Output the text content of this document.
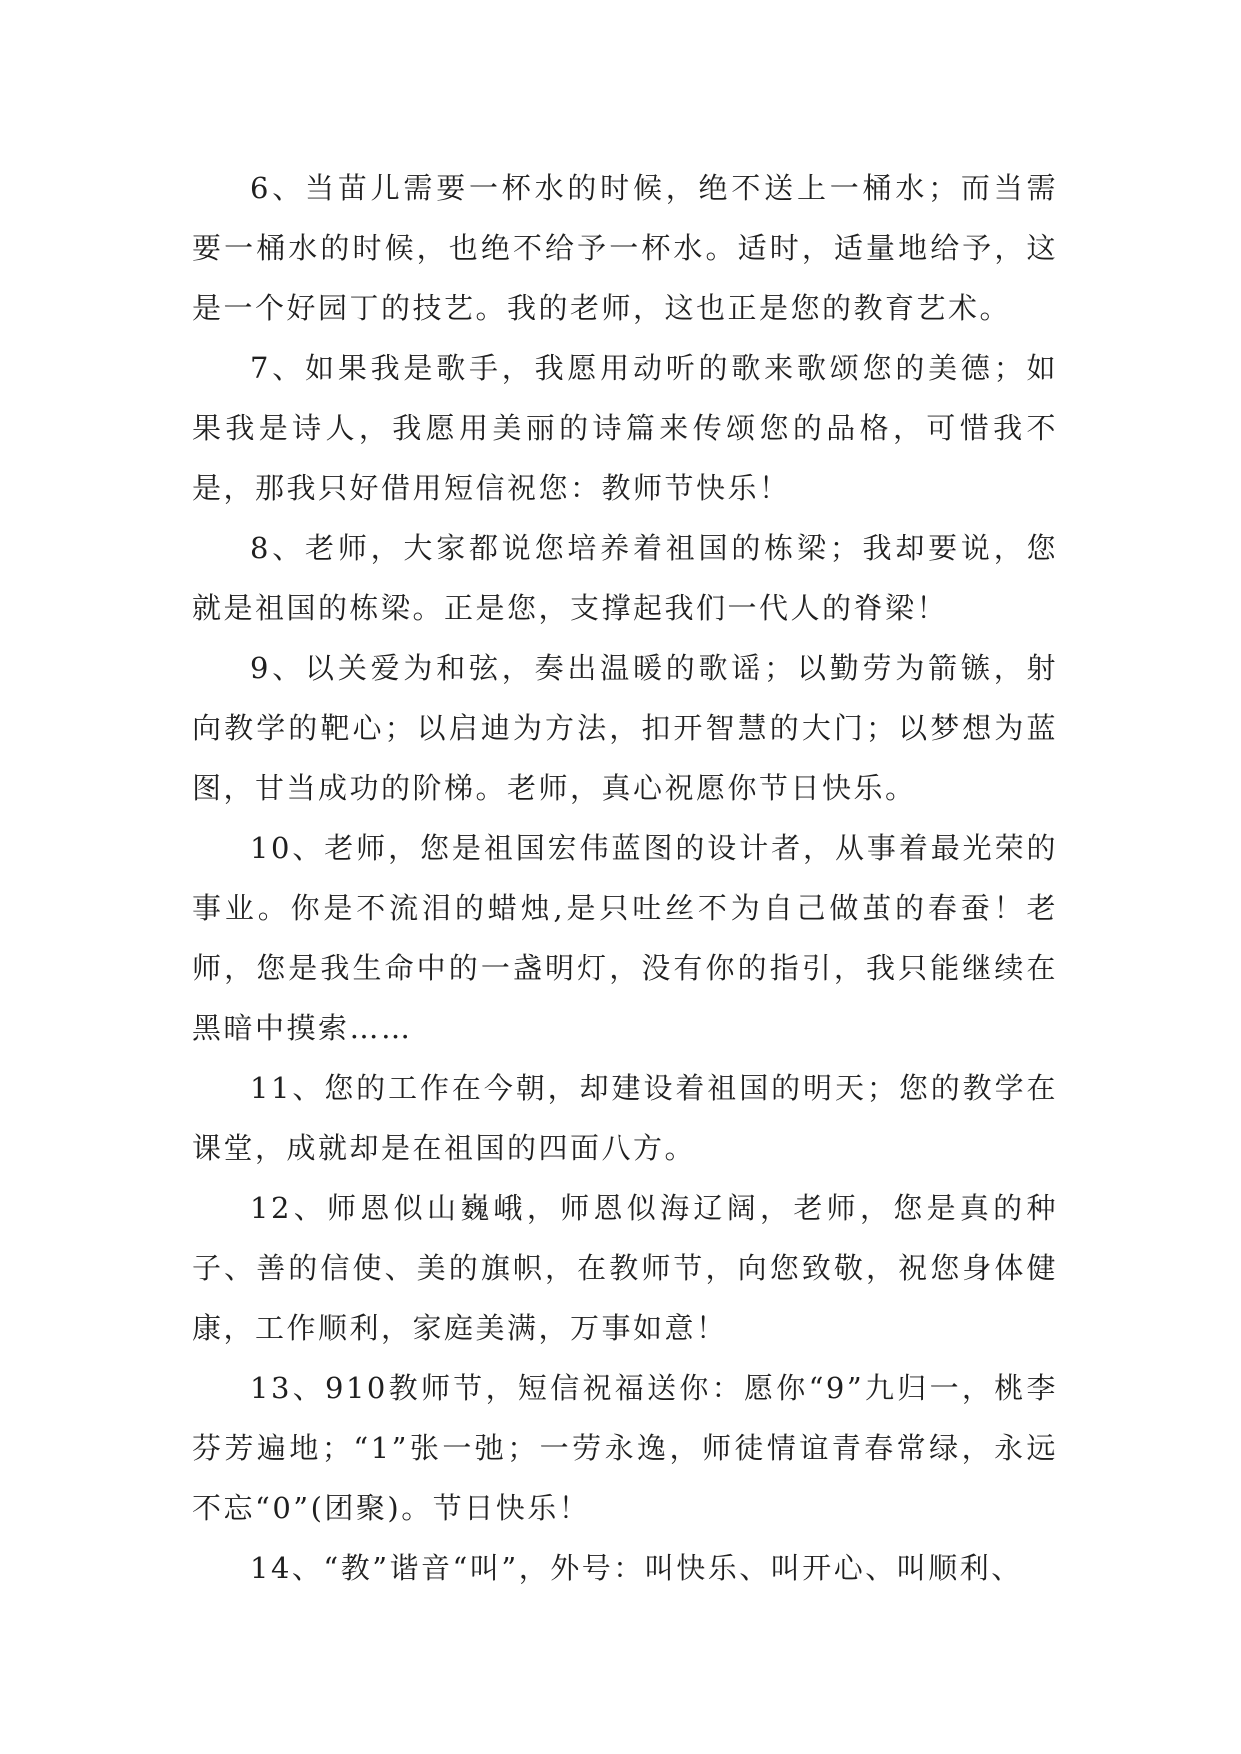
6、当苗儿需要一杯水的时候，绝不送上一桶水；而当需要一桶水的时候，也绝不给予一杯水。适时，适量地给予，这是一个好园丁的技艺。我的老师，这也正是您的教育艺术。

7、如果我是歌手，我愿用动听的歌来歌颂您的美德；如果我是诗人，我愿用美丽的诗篇来传颂您的品格，可惜我不是，那我只好借用短信祝您：教师节快乐！

8、老师，大家都说您培养着祖国的栋梁；我却要说，您就是祖国的栋梁。正是您，支撑起我们一代人的脊梁！

9、以关爱为和弦，奏出温暖的歌谣；以勤劳为箭镞，射向教学的靶心；以启迪为方法，扣开智慧的大门；以梦想为蓝图，甘当成功的阶梯。老师，真心祝愿你节日快乐。

10、老师，您是祖国宏伟蓝图的设计者，从事着最光荣的事业。你是不流泪的蜡烛,是只吐丝不为自己做茧的春蚕！老师，您是我生命中的一盏明灯，没有你的指引，我只能继续在黑暗中摸索……

11、您的工作在今朝，却建设着祖国的明天；您的教学在课堂，成就却是在祖国的四面八方。

12、师恩似山巍峨，师恩似海辽阔，老师，您是真的种子、善的信使、美的旗帜，在教师节，向您致敬，祝您身体健康，工作顺利，家庭美满，万事如意！

13、910教师节，短信祝福送你：愿你“9”九归一，桃李芬芳遍地；“1”张一弛；一劳永逸，师徒情谊青春常绿，永远不忘“0”(团聚)。节日快乐！

14、“教”谐音“叫”，外号：叫快乐、叫开心、叫顺利、
